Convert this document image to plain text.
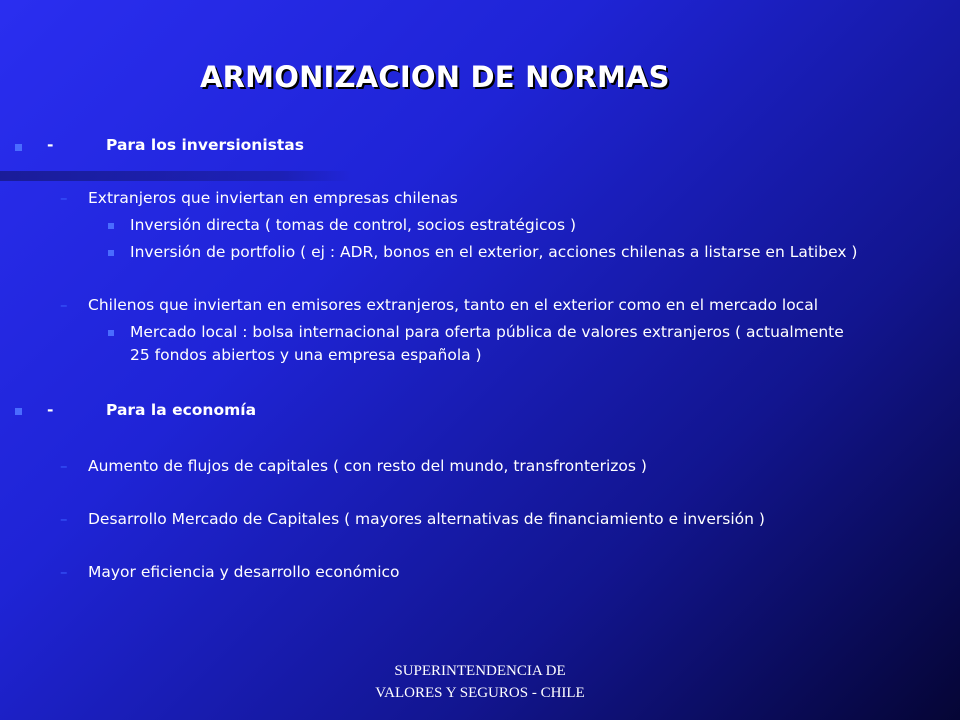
ARMONIZACION DE NORMAS
-	Para los inversionistas
– Extranjeros que inviertan en empresas chilenas
Inversión directa ( tomas de control, socios estratégicos )
Inversión de portfolio ( ej : ADR, bonos en el exterior, acciones chilenas a listarse en Latibex )
– Chilenos que inviertan en emisores extranjeros, tanto en el exterior como en el mercado local
Mercado local : bolsa internacional para oferta pública de valores extranjeros ( actualmente
25 fondos abiertos y una empresa española )
-	Para la economía
– Aumento de flujos de capitales ( con resto del mundo, transfronterizos )
– Desarrollo Mercado de Capitales ( mayores alternativas de financiamiento e inversión )
– Mayor eficiencia y desarrollo económico
SUPERINTENDENCIA DE
VALORES Y SEGUROS - CHILE
